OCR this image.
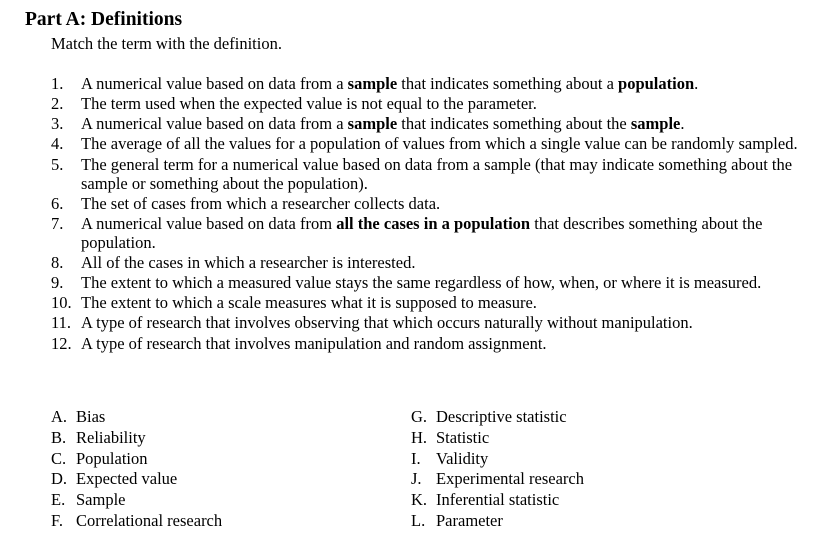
Part A: Definitions
Match the term with the definition.
1.	A numerical value based on data from a sample that indicates something about a population.
2.	The term used when the expected value is not equal to the parameter.
3.	A numerical value based on data from a sample that indicates something about the sample.
4.	The average of all the values for a population of values from which a single value can be randomly sampled.
5.	The general term for a numerical value based on data from a sample (that may indicate something about the sample or something about the population).
6.	The set of cases from which a researcher collects data.
7.	A numerical value based on data from all the cases in a population that describes something about the population.
8.	All of the cases in which a researcher is interested.
9.	The extent to which a measured value stays the same regardless of how, when, or where it is measured.
10. The extent to which a scale measures what it is supposed to measure.
11. A type of research that involves observing that which occurs naturally without manipulation.
12. A type of research that involves manipulation and random assignment.
A. Bias
B. Reliability
C. Population
D. Expected value
E. Sample
F. Correlational research
G. Descriptive statistic
H. Statistic
I. Validity
J. Experimental research
K. Inferential statistic
L. Parameter
